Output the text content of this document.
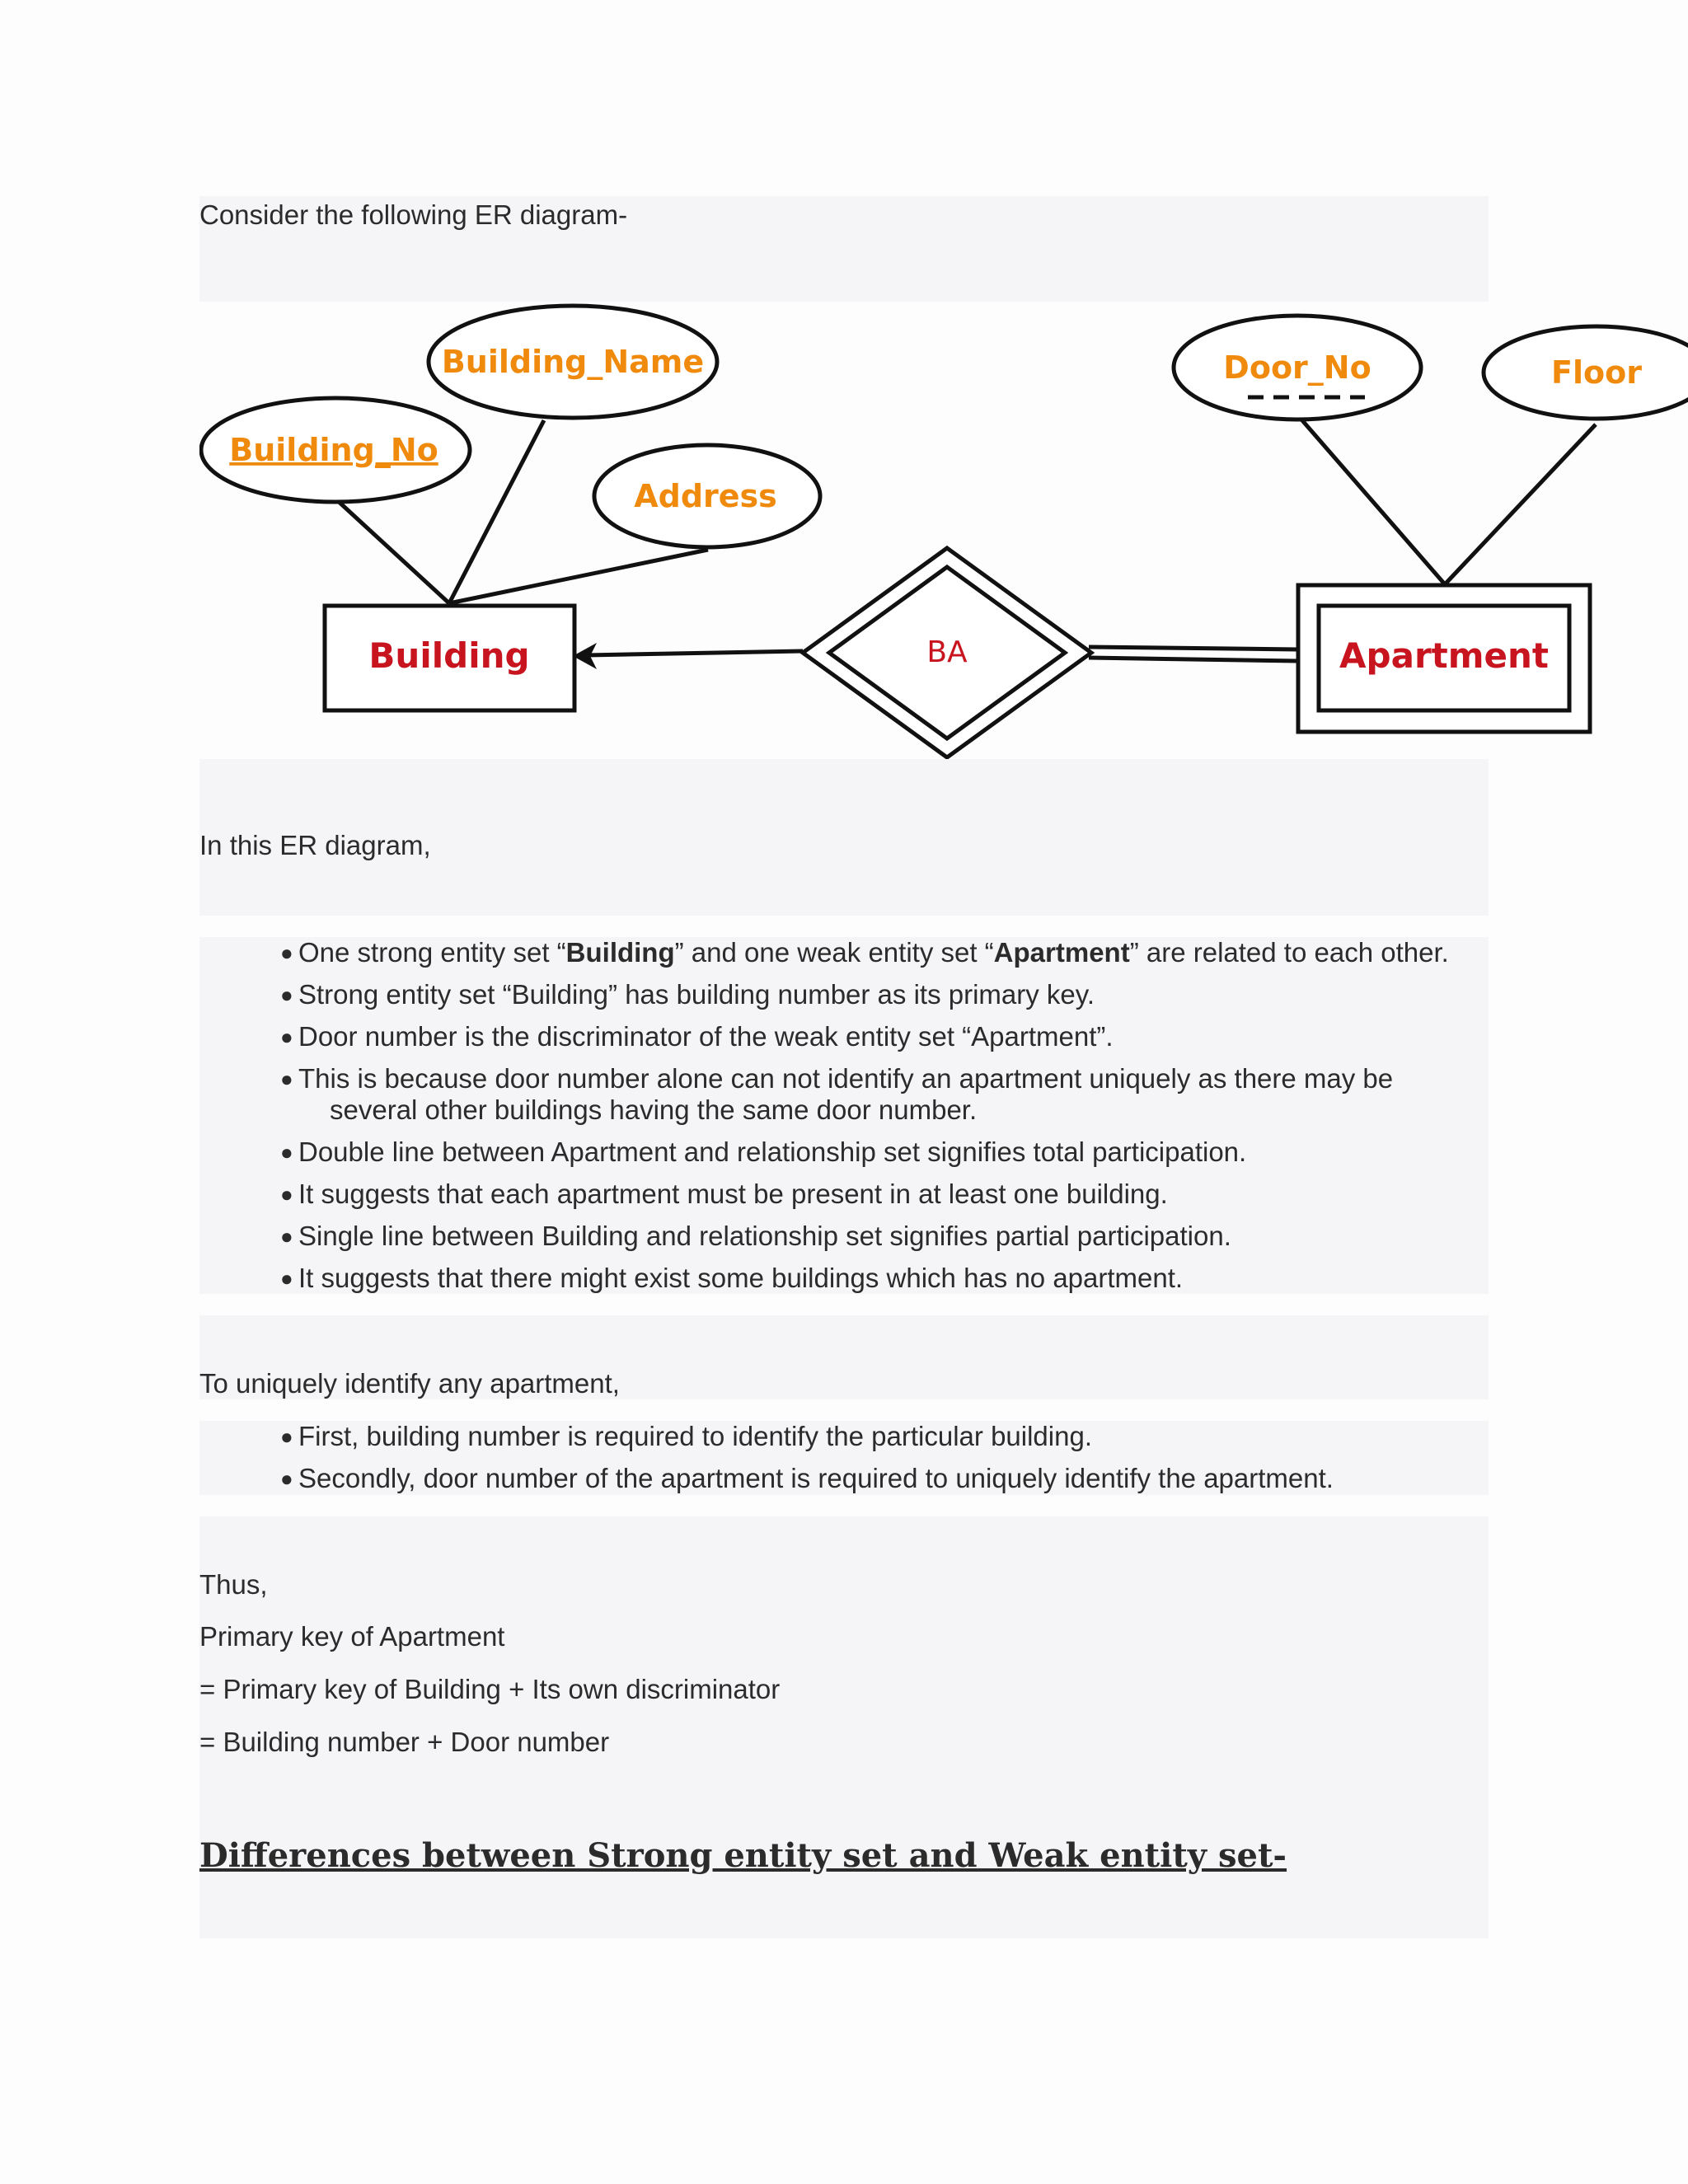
Consider the following ER diagram-

Building_Name
Building_No
Address
Door_No	Floor
Building	BA	Apartment

In this ER diagram,

● One strong entity set “Building” and one weak entity set “Apartment” are related to each other.
● Strong entity set “Building” has building number as its primary key.
● Door number is the discriminator of the weak entity set “Apartment”.
● This is because door number alone can not identify an apartment uniquely as there may be
several other buildings having the same door number.
● Double line between Apartment and relationship set signifies total participation.
● It suggests that each apartment must be present in at least one building.
● Single line between Building and relationship set signifies partial participation.
● It suggests that there might exist some buildings which has no apartment.

To uniquely identify any apartment,

● First, building number is required to identify the particular building.
● Secondly, door number of the apartment is required to uniquely identify the apartment.

Thus,

Primary key of Apartment

= Primary key of Building + Its own discriminator

= Building number + Door number

Differences between Strong entity set and Weak entity set-
